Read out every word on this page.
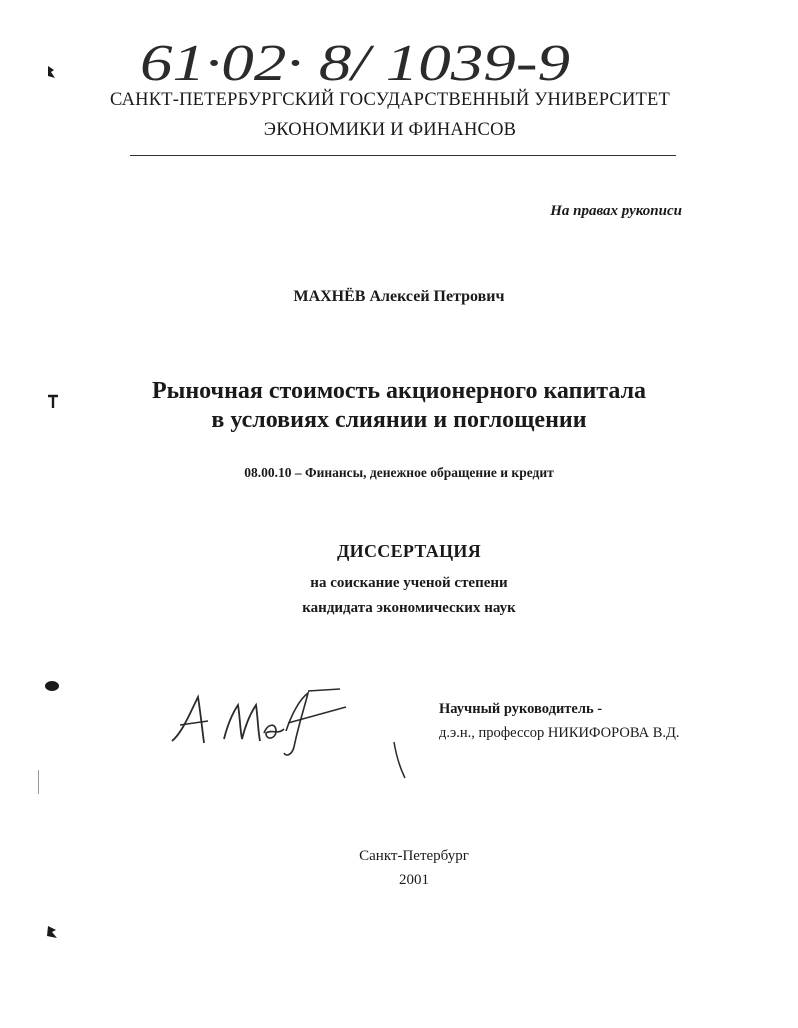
61·02· 8/ 1039-9
САНКТ-ПЕТЕРБУРГСКИЙ ГОСУДАРСТВЕННЫЙ УНИВЕРСИТЕТ
ЭКОНОМИКИ И ФИНАНСОВ
На правах рукописи
МАХНЁВ Алексей Петрович
Рыночная стоимость акционерного капитала
в условиях слиянии и поглощении
08.00.10 – Финансы, денежное обращение и кредит
ДИССЕРТАЦИЯ
на соискание ученой степени
кандидата экономических наук
Научный руководитель -
д.э.н., профессор НИКИФОРОВА В.Д.
Санкт-Петербург
2001
